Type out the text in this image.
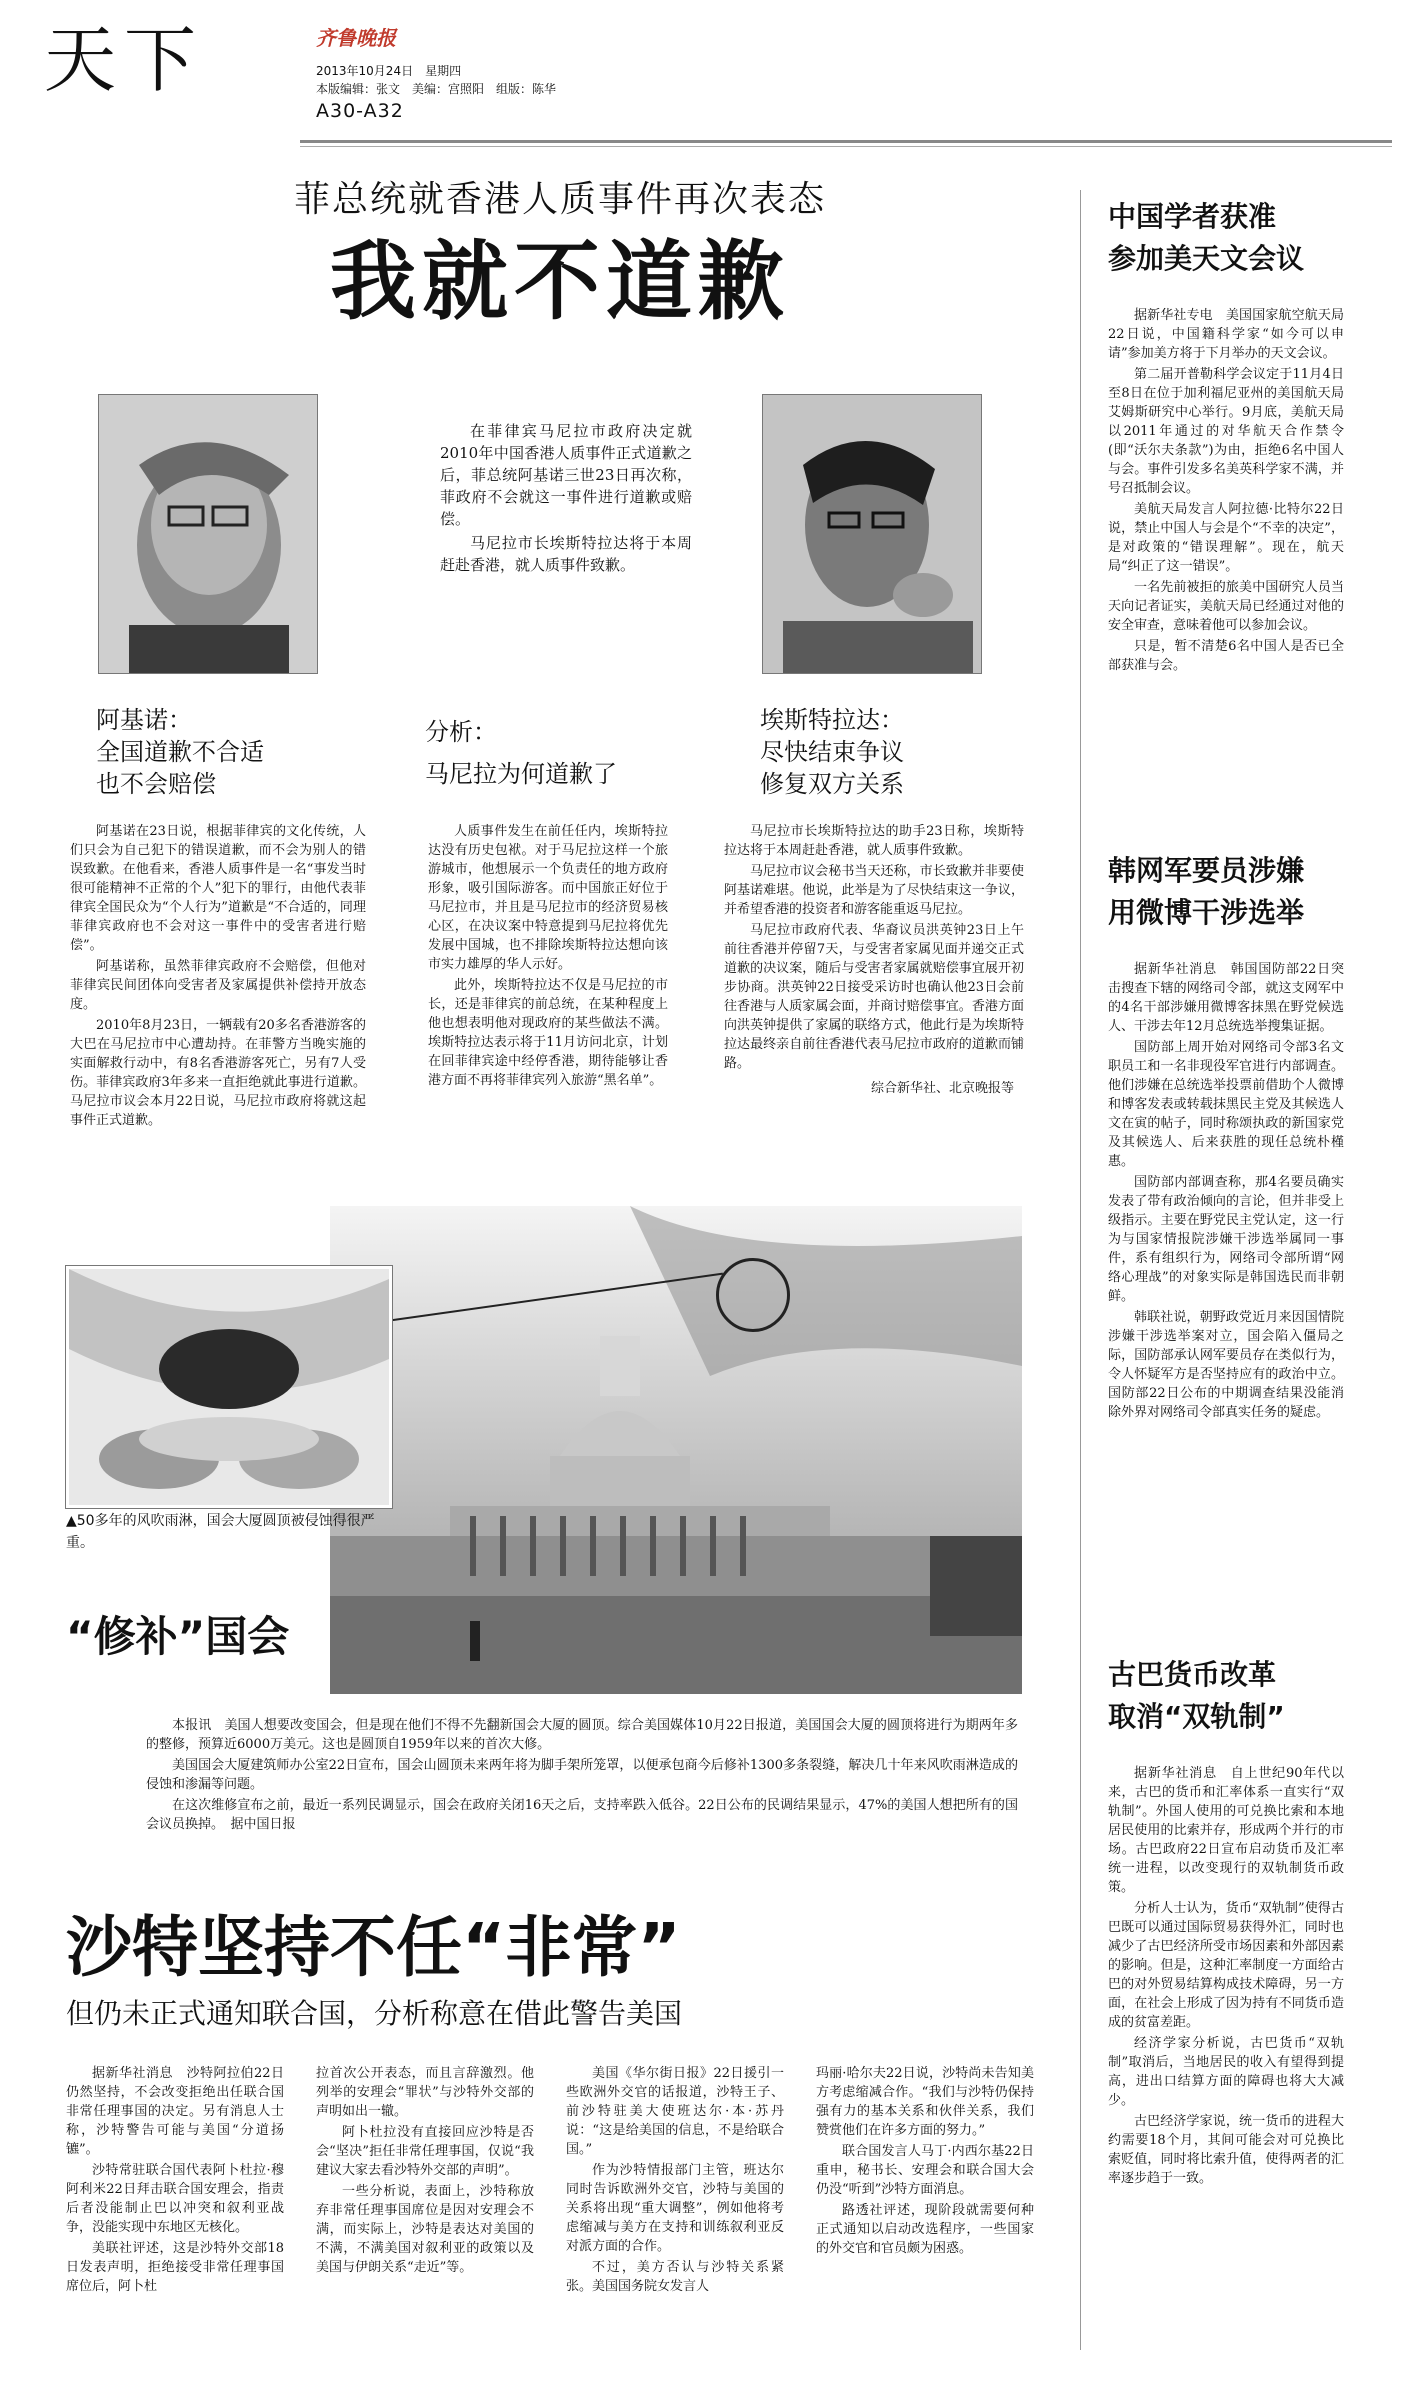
天下	齐鲁晚报
2013年10月24日　星期四
本版编辑：张文　美编：宫照阳　组版：陈华
A30-A32
菲总统就香港人质事件再次表态
我就不道歉

在菲律宾马尼拉市政府决定就2010年中国香港人质事件正式道歉之后，菲总统阿基诺三世23日再次称，菲政府不会就这一事件进行道歉或赔偿。

马尼拉市长埃斯特拉达将于本周赶赴香港，就人质事件致歉。

阿基诺：
全国道歉不合适
也不会赔偿
分析：
马尼拉为何道歉了
埃斯特拉达：
尽快结束争议
修复双方关系

阿基诺在23日说，根据菲律宾的文化传统，人们只会为自己犯下的错误道歉，而不会为别人的错误致歉。在他看来，香港人质事件是一名“事发当时很可能精神不正常的个人”犯下的罪行，由他代表菲律宾全国民众为“个人行为”道歉是“不合适的，同理菲律宾政府也不会对这一事件中的受害者进行赔偿”。

阿基诺称，虽然菲律宾政府不会赔偿，但他对菲律宾民间团体向受害者及家属提供补偿持开放态度。

2010年8月23日，一辆载有20多名香港游客的大巴在马尼拉市中心遭劫持。在菲警方当晚实施的实面解救行动中，有8名香港游客死亡，另有7人受伤。菲律宾政府3年多来一直拒绝就此事进行道歉。马尼拉市议会本月22日说，马尼拉市政府将就这起事件正式道歉。

人质事件发生在前任任内，埃斯特拉达没有历史包袱。对于马尼拉这样一个旅游城市，他想展示一个负责任的地方政府形象，吸引国际游客。而中国旅正好位于马尼拉市，并且是马尼拉市的经济贸易核心区，在决议案中特意提到马尼拉将优先发展中国城，也不排除埃斯特拉达想向该市实力雄厚的华人示好。

此外，埃斯特拉达不仅是马尼拉的市长，还是菲律宾的前总统，在某种程度上他也想表明他对现政府的某些做法不满。埃斯特拉达表示将于11月访问北京，计划在回菲律宾途中经停香港，期待能够让香港方面不再将菲律宾列入旅游“黑名单”。

马尼拉市长埃斯特拉达的助手23日称，埃斯特拉达将于本周赶赴香港，就人质事件致歉。

马尼拉市议会秘书当天还称，市长致歉并非要使阿基诺难堪。他说，此举是为了尽快结束这一争议，并希望香港的投资者和游客能重返马尼拉。

马尼拉市政府代表、华裔议员洪英钟23日上午前往香港并停留7天，与受害者家属见面并递交正式道歉的决议案，随后与受害者家属就赔偿事宜展开初步协商。洪英钟22日接受采访时也确认他23日会前往香港与人质家属会面，并商讨赔偿事宜。香港方面向洪英钟提供了家属的联络方式，他此行是为埃斯特拉达最终亲自前往香港代表马尼拉市政府的道歉而铺路。

综合新华社、北京晚报等
▲50多年的风吹雨淋，国会大厦圆顶被侵蚀得很严重。
“修补”国会

本报讯　美国人想要改变国会，但是现在他们不得不先翻新国会大厦的圆顶。综合美国媒体10月22日报道，美国国会大厦的圆顶将进行为期两年多的整修，预算近6000万美元。这也是圆顶自1959年以来的首次大修。

美国国会大厦建筑师办公室22日宣布，国会山圆顶未来两年将为脚手架所笼罩，以便承包商今后修补1300多条裂缝，解决几十年来风吹雨淋造成的侵蚀和渗漏等问题。

在这次维修宣布之前，最近一系列民调显示，国会在政府关闭16天之后，支持率跌入低谷。22日公布的民调结果显示，47%的美国人想把所有的国会议员换掉。　据中国日报

中国学者获准
参加美天文会议

据新华社专电　美国国家航空航天局22日说，中国籍科学家“如今可以申请”参加美方将于下月举办的天文会议。

第二届开普勒科学会议定于11月4日至8日在位于加利福尼亚州的美国航天局艾姆斯研究中心举行。9月底，美航天局以2011年通过的对华航天合作禁令(即“沃尔夫条款”)为由，拒绝6名中国人与会。事件引发多名美英科学家不满，并号召抵制会议。

美航天局发言人阿拉德·比特尔22日说，禁止中国人与会是个“不幸的决定”，是对政策的“错误理解”。现在，航天局“纠正了这一错误”。

一名先前被拒的旅美中国研究人员当天向记者证实，美航天局已经通过对他的安全审查，意味着他可以参加会议。

只是，暂不清楚6名中国人是否已全部获准与会。

韩网军要员涉嫌
用微博干涉选举

据新华社消息　韩国国防部22日突击搜查下辖的网络司令部，就这支网军中的4名干部涉嫌用微博客抹黑在野党候选人、干涉去年12月总统选举搜集证据。

国防部上周开始对网络司令部3名文职员工和一名非现役军官进行内部调查。他们涉嫌在总统选举投票前借助个人微博和博客发表或转载抹黑民主党及其候选人文在寅的帖子，同时称颂执政的新国家党及其候选人、后来获胜的现任总统朴槿惠。

国防部内部调查称，那4名要员确实发表了带有政治倾向的言论，但并非受上级指示。主要在野党民主党认定，这一行为与国家情报院涉嫌干涉选举属同一事件，系有组织行为，网络司令部所谓“网络心理战”的对象实际是韩国选民而非朝鲜。

韩联社说，朝野政党近月来因国情院涉嫌干涉选举案对立，国会陷入僵局之际，国防部承认网军要员存在类似行为，令人怀疑军方是否坚持应有的政治中立。国防部22日公布的中期调查结果没能消除外界对网络司令部真实任务的疑虑。

古巴货币改革
取消“双轨制”

据新华社消息　自上世纪90年代以来，古巴的货币和汇率体系一直实行“双轨制”。外国人使用的可兑换比索和本地居民使用的比索并存，形成两个并行的市场。古巴政府22日宣布启动货币及汇率统一进程，以改变现行的双轨制货币政策。

分析人士认为，货币“双轨制”使得古巴既可以通过国际贸易获得外汇，同时也减少了古巴经济所受市场因素和外部因素的影响。但是，这种汇率制度一方面给古巴的对外贸易结算构成技术障碍，另一方面，在社会上形成了因为持有不同货币造成的贫富差距。

经济学家分析说，古巴货币“双轨制”取消后，当地居民的收入有望得到提高，进出口结算方面的障碍也将大大减少。

古巴经济学家说，统一货币的进程大约需要18个月，其间可能会对可兑换比索贬值，同时将比索升值，使得两者的汇率逐步趋于一致。

沙特坚持不任“非常”
但仍未正式通知联合国，分析称意在借此警告美国

据新华社消息　沙特阿拉伯22日仍然坚持，不会改变拒绝出任联合国非常任理事国的决定。另有消息人士称，沙特警告可能与美国“分道扬镳”。

沙特常驻联合国代表阿卜杜拉·穆阿利米22日拜击联合国安理会，指责后者没能制止巴以冲突和叙利亚战争，没能实现中东地区无核化。

美联社评述，这是沙特外交部18日发表声明，拒绝接受非常任理事国席位后，阿卜杜

拉首次公开表态，而且言辞激烈。他列举的安理会“罪状”与沙特外交部的声明如出一辙。

阿卜杜拉没有直接回应沙特是否会“坚决”拒任非常任理事国，仅说“我建议大家去看沙特外交部的声明”。

一些分析说，表面上，沙特称放弃非常任理事国席位是因对安理会不满，而实际上，沙特是表达对美国的不满，不满美国对叙利亚的政策以及美国与伊朗关系“走近”等。

美国《华尔街日报》22日援引一些欧洲外交官的话报道，沙特王子、前沙特驻美大使班达尔·本·苏丹说：“这是给美国的信息，不是给联合国。”

作为沙特情报部门主管，班达尔同时告诉欧洲外交官，沙特与美国的关系将出现“重大调整”，例如他将考虑缩减与美方在支持和训练叙利亚反对派方面的合作。

不过，美方否认与沙特关系紧张。美国国务院女发言人

玛丽·哈尔夫22日说，沙特尚未告知美方考虑缩减合作。“我们与沙特仍保持强有力的基本关系和伙伴关系，我们赞赏他们在许多方面的努力。”

联合国发言人马丁·内西尔基22日重申，秘书长、安理会和联合国大会仍没“听到”沙特方面消息。

路透社评述，现阶段就需要何种正式通知以启动改选程序，一些国家的外交官和官员颇为困惑。
